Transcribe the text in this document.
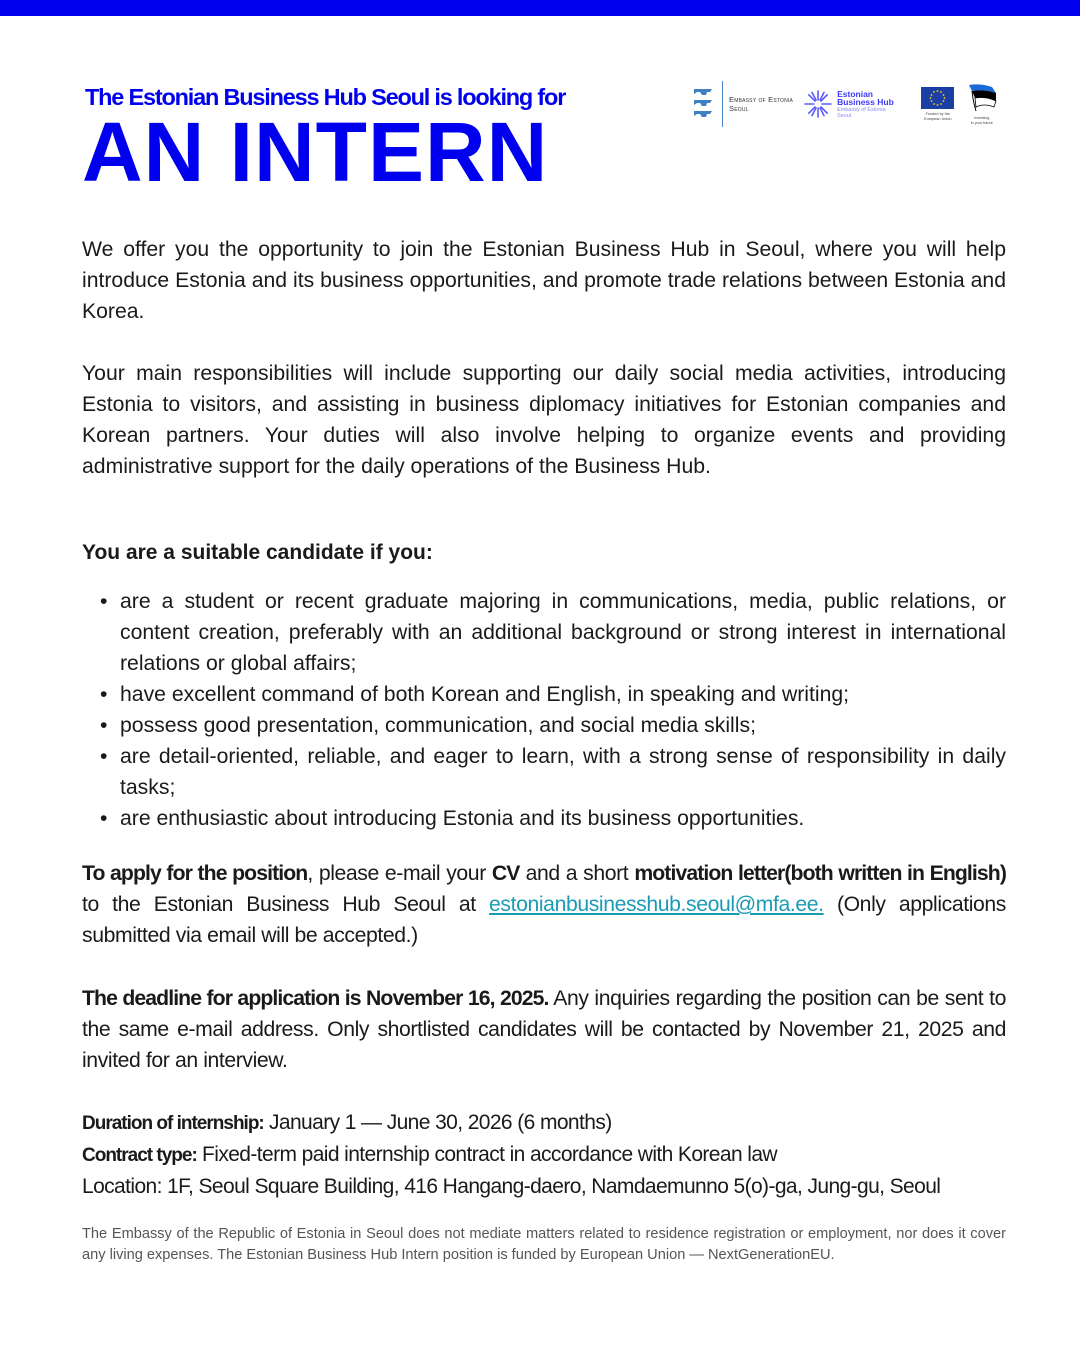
The Estonian Business Hub Seoul is looking for
AN INTERN
Embassy of Estonia
Seoul
Estonian
Business Hub
Embassy of Estonia
Seoul	Funded by the
European Union	Investing
in your future

We offer you the opportunity to join the Estonian Business Hub in Seoul, where you will help introduce Estonia and its business opportunities, and promote trade relations between Estonia and Korea.

Your main responsibilities will include supporting our daily social media activities, introducing Estonia to visitors, and assisting in business diplomacy initiatives for Estonian companies and Korean partners. Your duties will also involve helping to organize events and providing administrative support for the daily operations of the Business Hub.

You are a suitable candidate if you:
• are a student or recent graduate majoring in communications, media, public relations, or content creation, preferably with an additional background or strong interest in international relations or global affairs;
• have excellent command of both Korean and English, in speaking and writing;
• possess good presentation, communication, and social media skills;
• are detail-oriented, reliable, and eager to learn, with a strong sense of responsibility in daily tasks;
• are enthusiastic about introducing Estonia and its business opportunities.

To apply for the position, please e-mail your CV and a short motivation letter(both written in English) to the Estonian Business Hub Seoul at estonianbusinesshub.seoul@mfa.ee. (Only applications submitted via email will be accepted.)

The deadline for application is November 16, 2025. Any inquiries regarding the position can be sent to the same e-mail address. Only shortlisted candidates will be contacted by November 21, 2025 and invited for an interview.

Duration of internship: January 1 — June 30, 2026 (6 months)
Contract type: Fixed-term paid internship contract in accordance with Korean law
Location: 1F, Seoul Square Building, 416 Hangang-daero, Namdaemunno 5(o)-ga, Jung-gu, Seoul

The Embassy of the Republic of Estonia in Seoul does not mediate matters related to residence registration or employment, nor does it cover any living expenses. The Estonian Business Hub Intern position is funded by European Union — NextGenerationEU.
